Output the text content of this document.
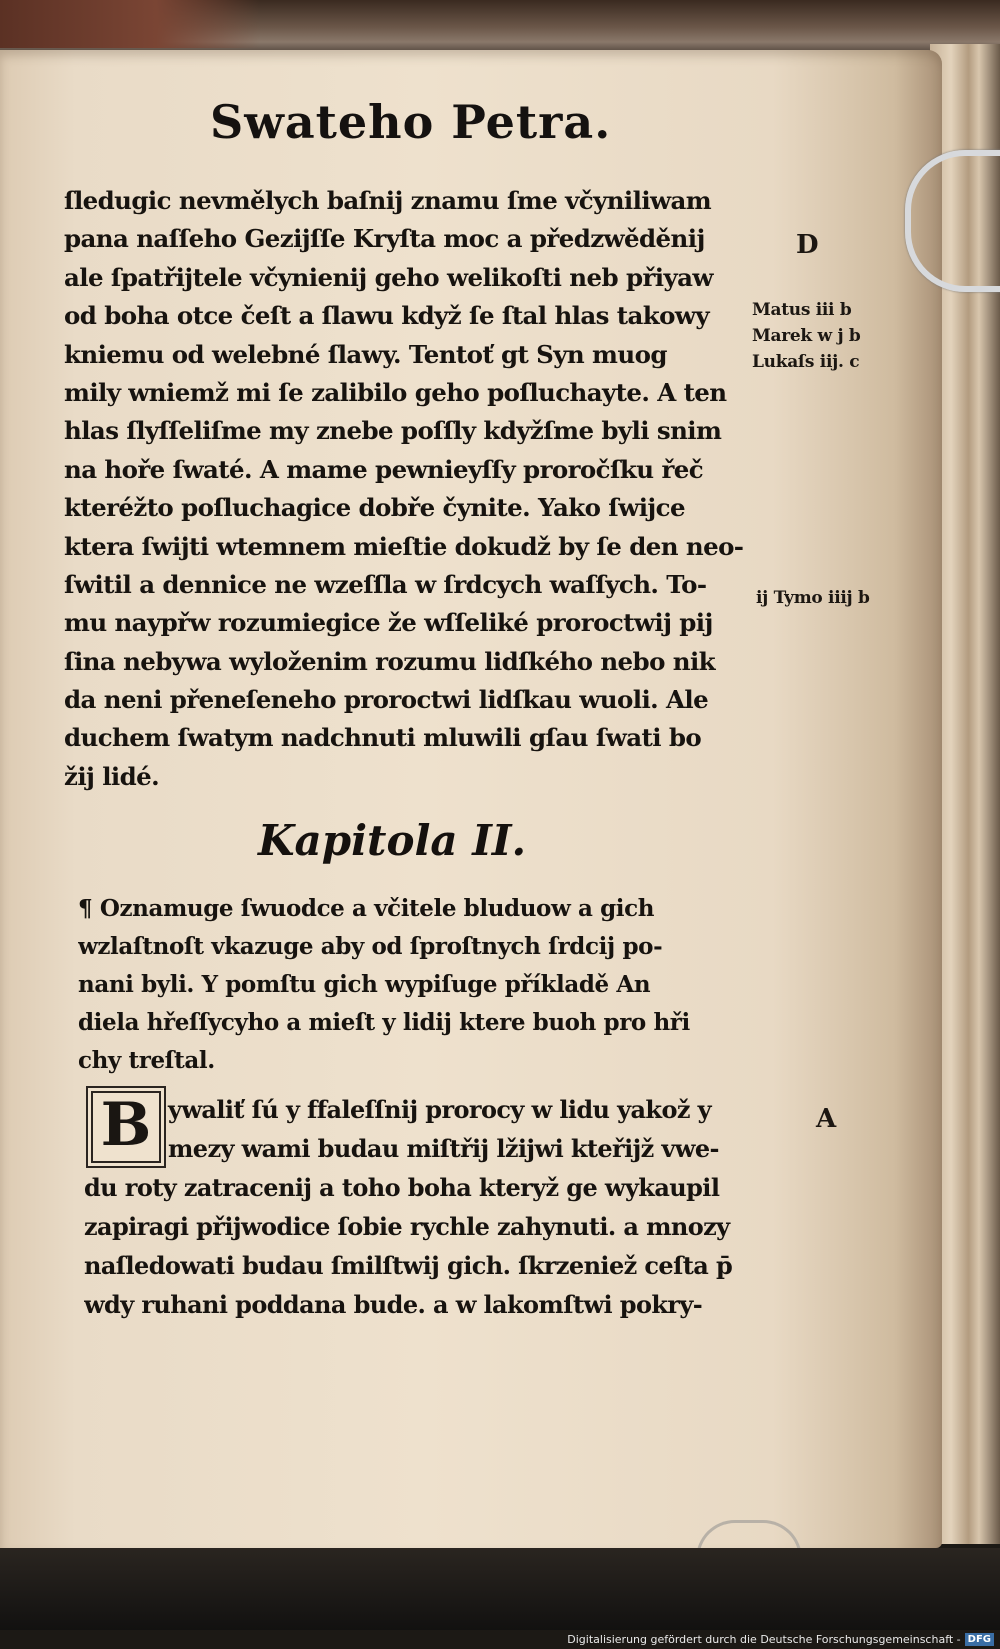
Swateho Petra.
ſledugic nevmělych baſnij znamu ſme včyniliwam
pana naſſeho Gezijſſe Kryſta moc a předzwěděnij
ale ſpatřijtele včynienij geho welikoſti neb přiyaw
od boha otce čeſt a ſlawu když ſe ſtal hlas takowy
kniemu od welebné ſlawy. Tentoť gt Syn muog
mily wniemž mi ſe zalibilo geho poſluchayte. A ten
hlas ſlyſſeliſme my znebe poſſly kdyžſme byli snim
na hoře ſwaté. A mame pewnieyſſy proročſku řeč
kteréžto poſluchagice dobře čynite. Yako ſwijce
ktera ſwijti wtemnem mieſtie dokudž by ſe den neo-
ſwitil a dennice ne wzeſſla w ſrdcych waſſych. To-
mu naypřw rozumiegice že wſſeliké proroctwij pij
ſina nebywa wyloženim rozumu lidſkého nebo nik
da neni přeneſeneho proroctwi lidſkau wuoli. Ale
duchem ſwatym nadchnuti mluwili gſau ſwati bo
žij lidé.
Kapitola II.
¶ Oznamuge ſwuodce a včitele bluduow a gich
wzlaſtnoſt vkazuge aby od ſproſtnych ſrdcij po-
nani byli. Y pomſtu gich wypiſuge příkladě An
diela hřeſſycyho a mieſt y lidij ktere buoh pro hři
chy treſtal.
B ywaliť ſú y ffaleſſnij prorocy w lidu yakož y
mezy wami budau miſtřij lžijwi kteřijž vwe-
du roty zatracenij a toho boha kteryž ge wykaupil
zapiragi přijwodice ſobie rychle zahynuti. a mnozy
naſledowati budau ſmilſtwij gich. ſkrzeniež ceſta p̄
wdy ruhani poddana bude. a w lakomſtwi pokry-
D
Matus iii b
Marek w j b
Lukaſs iij. c
ij Tymo iiij b
A
Digitalisierung gefördert durch die Deutsche Forschungsgemeinschaft - DFG
